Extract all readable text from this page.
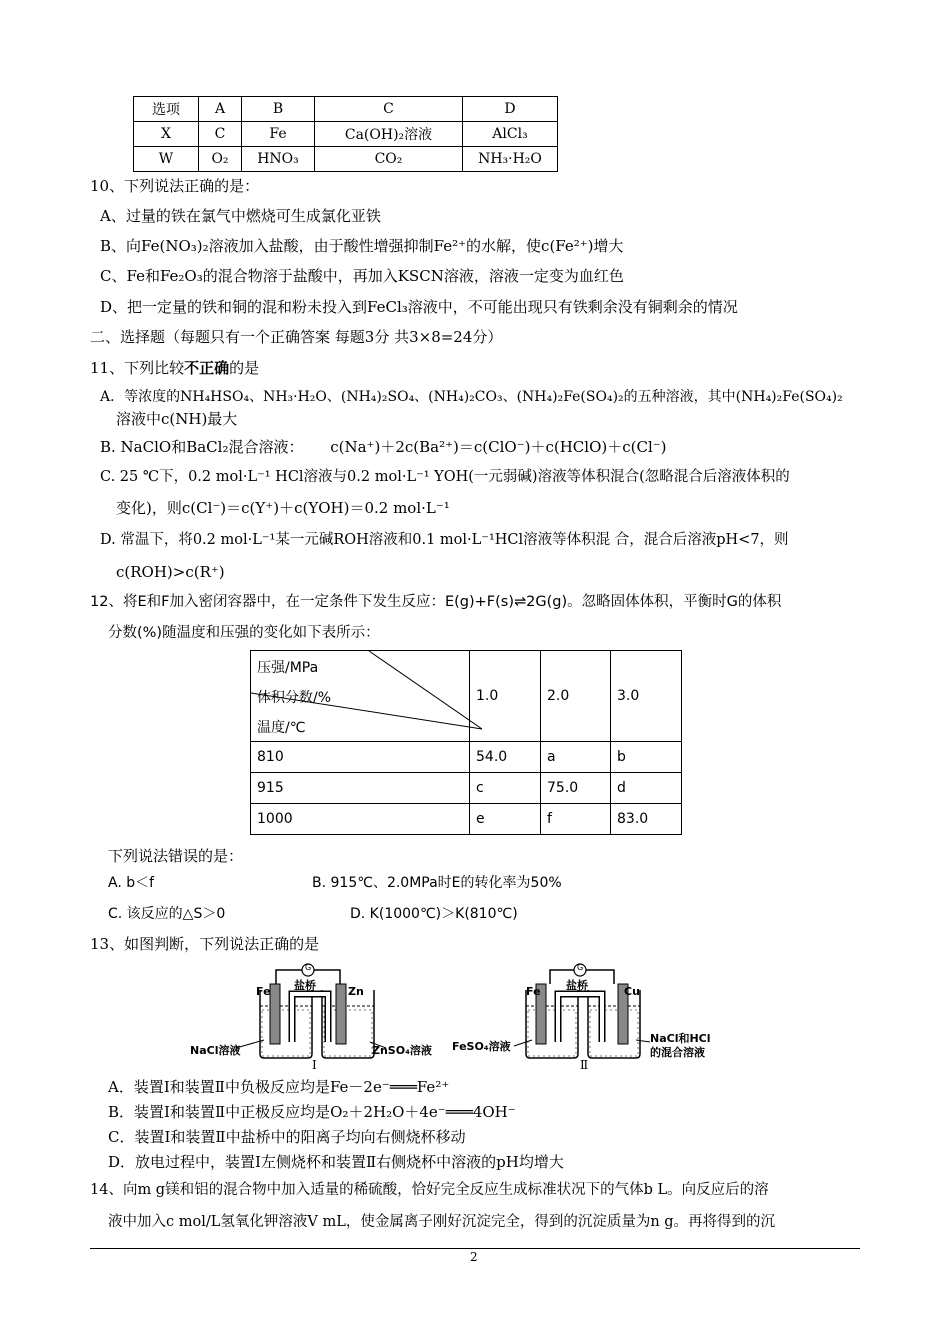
选项	A	B	C	D
X	C	Fe	Ca(OH)₂溶液	AlCl₃
W	O₂	HNO₃	CO₂	NH₃·H₂O
10、下列说法正确的是：
A、过量的铁在氯气中燃烧可生成氯化亚铁
B、向Fe(NO₃)₂溶液加入盐酸，由于酸性增强抑制Fe²⁺的水解，使c(Fe²⁺)增大
C、Fe和Fe₂O₃的混合物溶于盐酸中，再加入KSCN溶液，溶液一定变为血红色
D、把一定量的铁和铜的混和粉未投入到FeCl₃溶液中，不可能出现只有铁剩余没有铜剩余的情况
二、选择题（每题只有一个正确答案 每题3分 共3×8=24分）
11、下列比较不正确的是
A．等浓度的NH₄HSO₄、NH₃·H₂O、(NH₄)₂SO₄、(NH₄)₂CO₃、(NH₄)₂Fe(SO₄)₂的五种溶液，其中(NH₄)₂Fe(SO₄)₂
溶液中c(NH)最大
B. NaClO和BaCl₂混合溶液： c(Na⁺)＋2c(Ba²⁺)＝c(ClO⁻)＋c(HClO)＋c(Cl⁻)
C. 25 ℃下，0.2 mol·L⁻¹ HCl溶液与0.2 mol·L⁻¹ YOH(一元弱碱)溶液等体积混合(忽略混合后溶液体积的
变化)，则c(Cl⁻)＝c(Y⁺)＋c(YOH)＝0.2 mol·L⁻¹
D. 常温下，将0.2 mol·L⁻¹某一元碱ROH溶液和0.1 mol·L⁻¹HCl溶液等体积混 合，混合后溶液pH<7，则
c(ROH)>c(R⁺)
12、将E和F加入密闭容器中，在一定条件下发生反应：E(g)+F(s)⇌2G(g)。忽略固体体积，平衡时G的体积
分数(%)随温度和压强的变化如下表所示：
压强/MPa
体积分数/%
温度/℃	1.0	2.0	3.0
810	54.0	a	b
915	c	75.0	d
1000	e	f	83.0
下列说法错误的是：
A. b＜f	B. 915℃、2.0MPa时E的转化率为50%
C. 该反应的△S＞0	D. K(1000℃)＞K(810℃)
13、如图判断，下列说法正确的是
G
盐桥
Fe	Zn
NaCl溶液	ZnSO₄溶液
I
G
盐桥
Fe	Cu
FeSO₄溶液
NaCl和HCl
的混合溶液
Ⅱ
A．装置Ⅰ和装置Ⅱ中负极反应均是Fe－2e⁻═══Fe²⁺
B．装置Ⅰ和装置Ⅱ中正极反应均是O₂＋2H₂O＋4e⁻═══4OH⁻
C．装置Ⅰ和装置Ⅱ中盐桥中的阳离子均向右侧烧杯移动
D．放电过程中，装置Ⅰ左侧烧杯和装置Ⅱ右侧烧杯中溶液的pH均增大
14、向m g镁和铝的混合物中加入适量的稀硫酸，恰好完全反应生成标准状况下的气体b L。向反应后的溶
液中加入c mol/L氢氧化钾溶液V mL，使金属离子刚好沉淀完全，得到的沉淀质量为n g。再将得到的沉
2
